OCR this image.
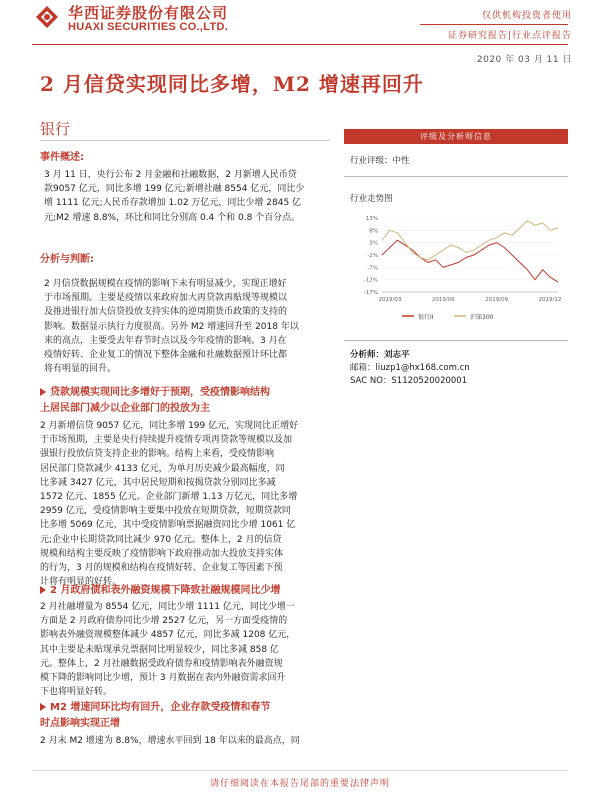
华西证券股份有限公司
HUAXI SECURITIES CO.,LTD.
仅供机构投资者使用
证券研究报告|行业点评报告
2020 年 03 月 11 日
2 月信贷实现同比多增，M2 增速再回升
银行
事件概述:
3 月 11 日，央行公布 2 月金融和社融数据，2 月新增人民币贷
款9057 亿元，同比多增 199 亿元;新增社融 8554 亿元，同比少
增 1111 亿元;人民币存款增加 1.02 万亿元，同比少增 2845 亿
元;M2 增速 8.8%，环比和同比分别高 0.4 个和 0.8 个百分点。
分析与判断:
2 月信贷数据规模在疫情的影响下未有明显减少，实现正增好
于市场预期。主要是疫情以来政府加大再贷款再贴现等规模以
及推进银行加大信贷投放支持实体的逆周期货币政策的支持的
影响。数据显示执行力度很高。另外 M2 增速回升至 2018 年以
来的高点，主要受去年春节时点以及今年疫情的影响。3 月在
疫情好转、企业复工的情况下整体金融和社融数据预计环比都
将有明显的回升。
贷款规模实现同比多增好于预期，受疫情影响结构
上居民部门减少以企业部门的投放为主
2 月新增信贷 9057 亿元，同比多增 199 亿元，实现同比正增好
于市场预期，主要是央行持续提升疫情专项再贷款等规模以及加
强银行投放信贷支持企业的影响。结构上来看，受疫情影响
居民部门贷款减少 4133 亿元，为单月历史减少最高幅度，同
比多减 3427 亿元，其中居民短期和按揭贷款分别同比多减
1572 亿元、1855 亿元。企业部门新增 1.13 万亿元，同比多增
2959 亿元，受疫情影响主要集中投放在短期贷款，短期贷款同
比多增 5069 亿元，其中受疫情影响票据融资同比少增 1061 亿
元;企业中长期贷款同比减少 970 亿元。整体上，2 月的信贷
规模和结构主要反映了疫情影响下政府推动加大投放支持实体
的行为，3 月的规模和结构在疫情好转、企业复工等因素下预
计将有明显的好转。
2 月政府债和表外融资规模下降致社融规模同比少增
2 月社融增量为 8554 亿元，同比少增 1111 亿元，同比少增一
方面是 2 月政府债券同比少增 2527 亿元，另一方面受疫情的
影响表外融资规模整体减少 4857 亿元，同比多减 1208 亿元，
其中主要是未贴现承兑票据同比明显较少，同比多减 858 亿
元。整体上，2 月社融数据受政府债券和疫情影响表外融资规
模下降的影响同比少增，预计 3 月数据在表内外融资需求回升
下也将明显好转。
M2 增速同环比均有回升，企业存款受疫情和春节
时点影响实现正增
2 月末 M2 增速为 8.8%，增速水平回到 18 年以来的最高点，同
评级及分析师信息
行业评级：中性
行业走势图
13%
8%
3%
-2%
-7%
-12%
-17%
2019/03	2019/06	2019/09	2019/12
银行II	沪深300
分析师：刘志平
邮箱：liuzp1@hx168.com.cn
SAC NO：S1120520020001
请仔细阅读在本报告尾部的重要法律声明
